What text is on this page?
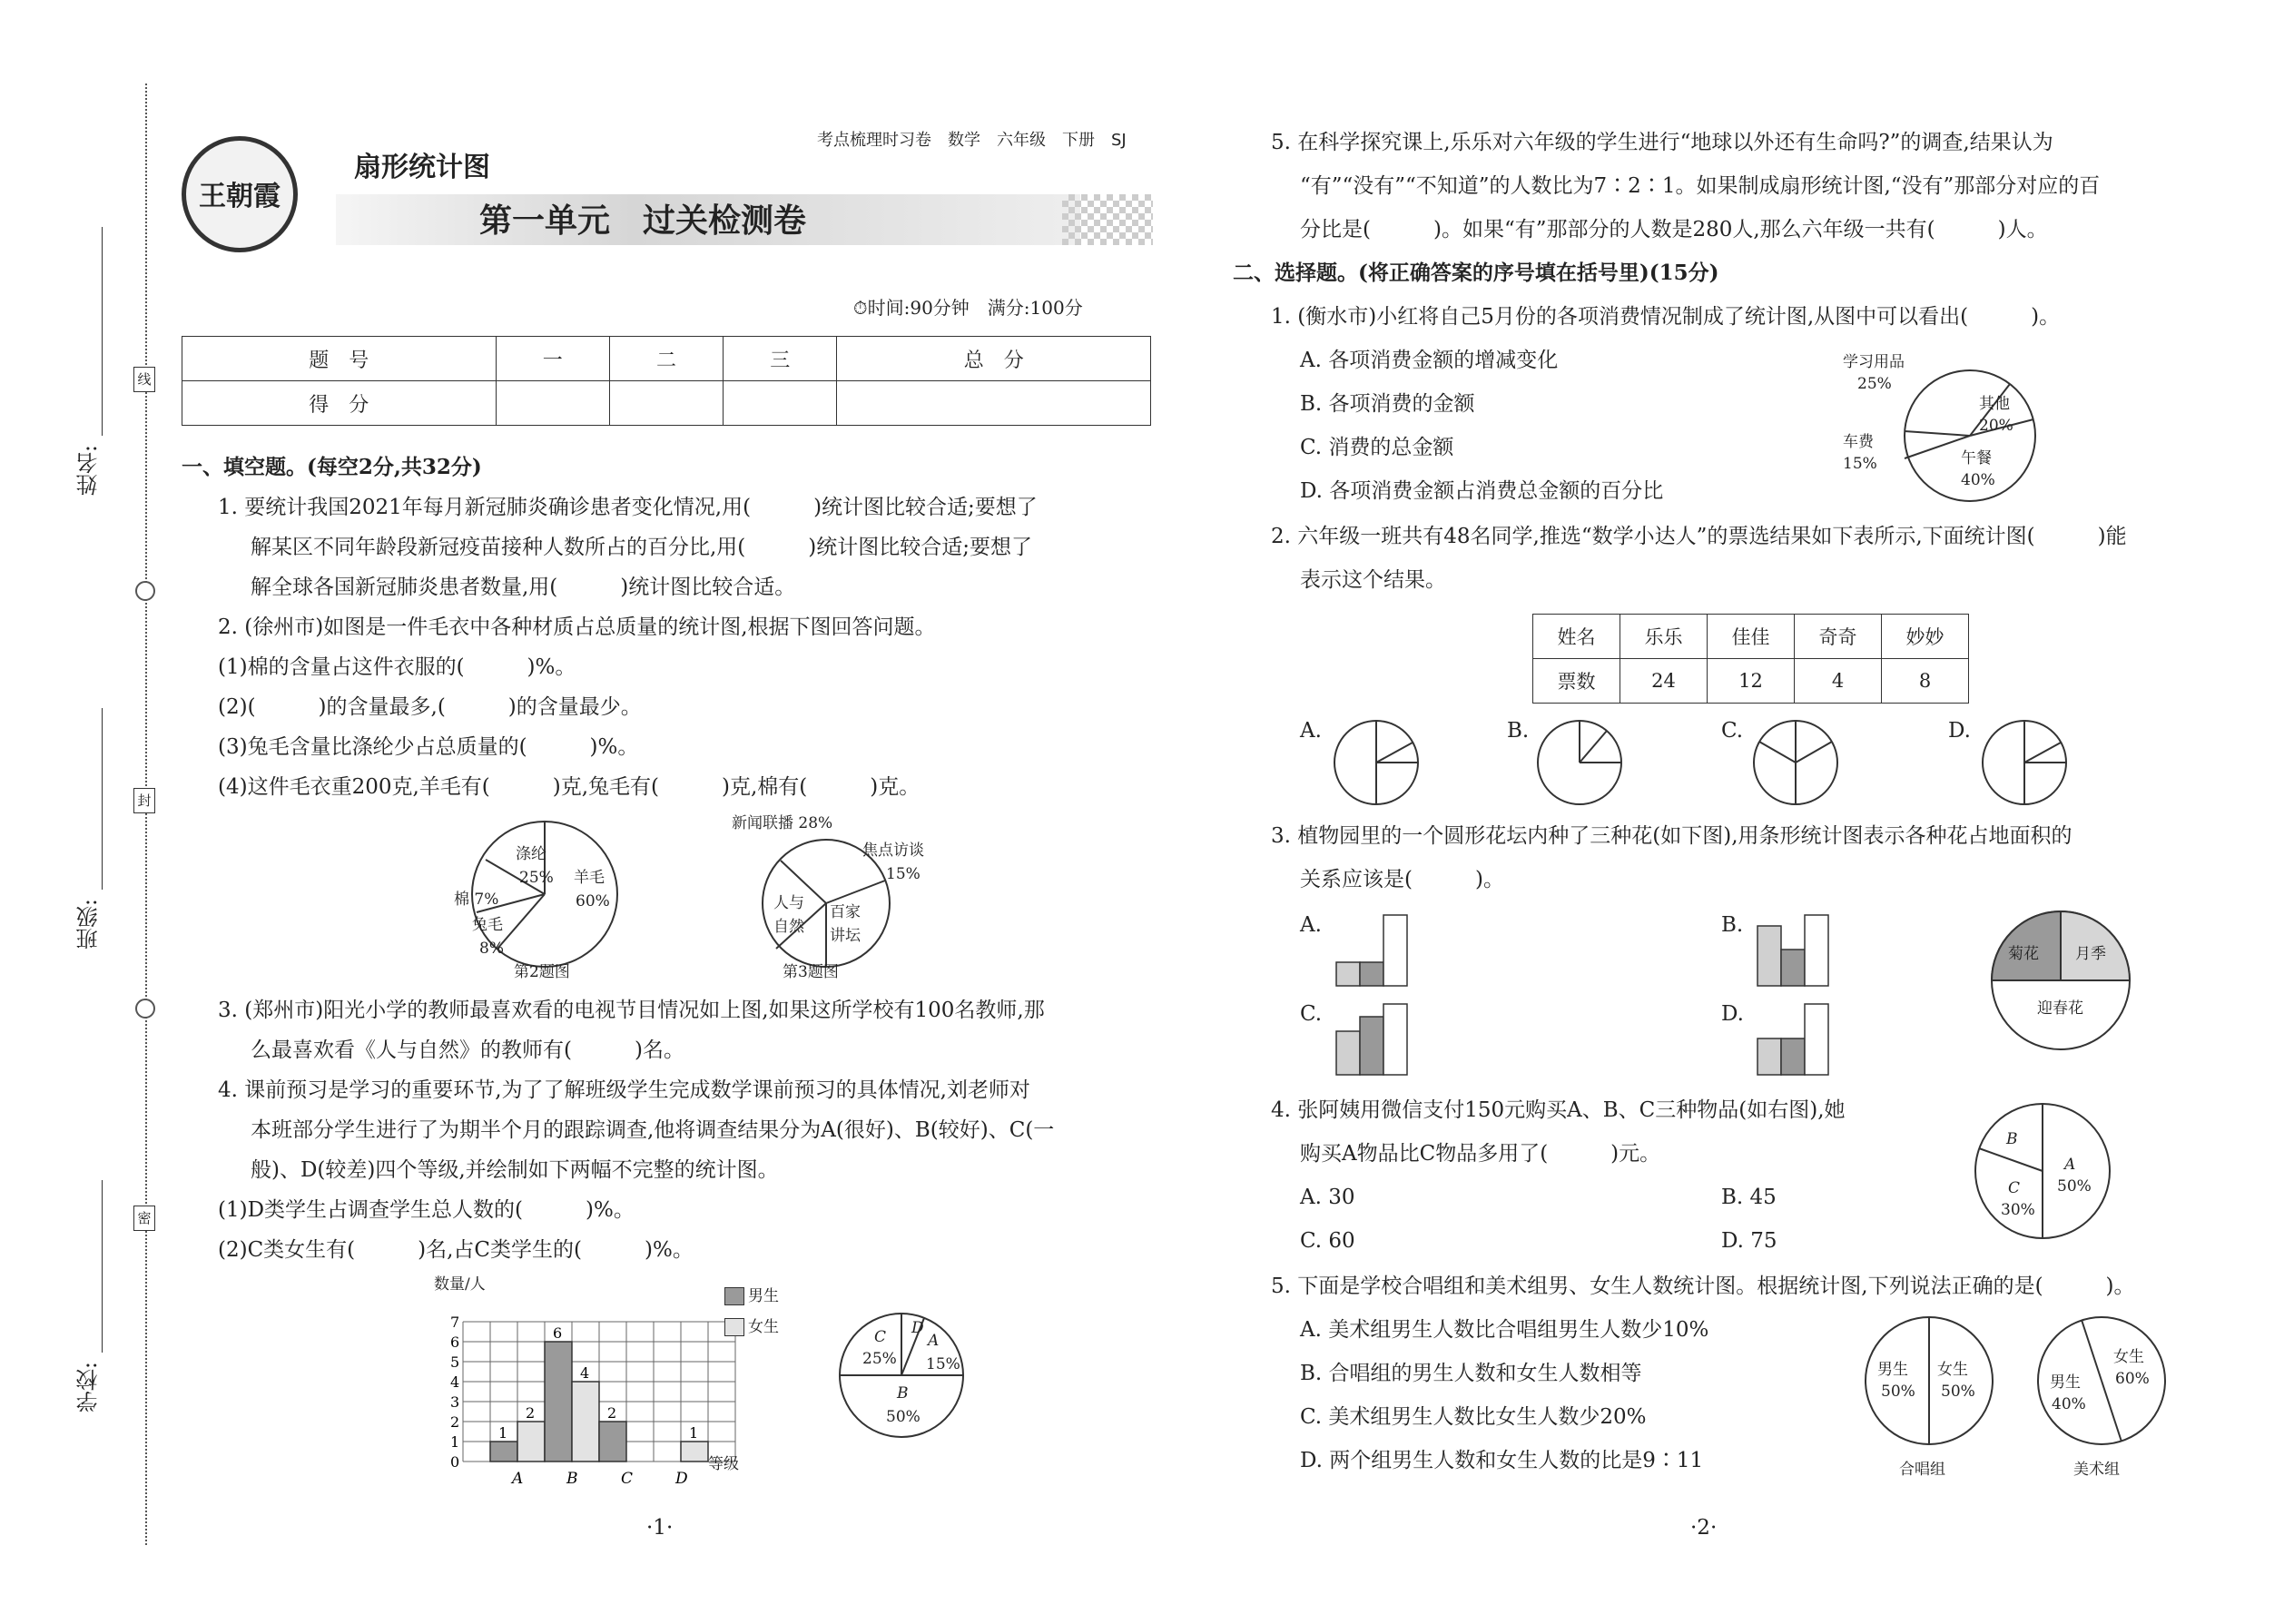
姓名:
班级:
学校:
线
封
密
王朝霞
考点梳理时习卷　数学　六年级　下册　SJ
扇形统计图
第一单元　过关检测卷
⏱时间:90分钟　满分:100分
题　号	一	二	三	总　分
得　分				
一、填空题。(每空2分,共32分)
1. 要统计我国2021年每月新冠肺炎确诊患者变化情况,用(　　　)统计图比较合适;要想了
解某区不同年龄段新冠疫苗接种人数所占的百分比,用(　　　)统计图比较合适;要想了
解全球各国新冠肺炎患者数量,用(　　　)统计图比较合适。
2. (徐州市)如图是一件毛衣中各种材质占总质量的统计图,根据下图回答问题。
(1)棉的含量占这件衣服的(　　　)%。
(2)(　　　)的含量最多,(　　　)的含量最少。
(3)兔毛含量比涤纶少占总质量的(　　　)%。
(4)这件毛衣重200克,羊毛有(　　　)克,兔毛有(　　　)克,棉有(　　　)克。
涤纶
25% 羊毛
60%
棉 7%
兔毛
8%
第2题图
新闻联播 28%
焦点访谈
15%
人与
自然
百家
讲坛
第3题图
3. (郑州市)阳光小学的教师最喜欢看的电视节目情况如上图,如果这所学校有100名教师,那
么最喜欢看《人与自然》的教师有(　　　)名。
4. 课前预习是学习的重要环节,为了了解班级学生完成数学课前预习的具体情况,刘老师对
本班部分学生进行了为期半个月的跟踪调查,他将调查结果分为A(很好)、B(较好)、C(一
般)、D(较差)四个等级,并绘制如下两幅不完整的统计图。
(1)D类学生占调查学生总人数的(　　　)%。
(2)C类女生有(　　　)名,占C类学生的(　　　)%。
数量/人
0
1
2
3
4
5
6
7
A
1
2
B
6
4
C
2
D
1
等级
男生
女生
C
25%
D
A
15%
B
50%
·1·
5. 在科学探究课上,乐乐对六年级的学生进行“地球以外还有生命吗?”的调查,结果认为
“有”“没有”“不知道”的人数比为7∶2∶1。如果制成扇形统计图,“没有”那部分对应的百
分比是(　　　)。如果“有”那部分的人数是280人,那么六年级一共有(　　　)人。
二、选择题。(将正确答案的序号填在括号里)(15分)
1. (衡水市)小红将自己5月份的各项消费情况制成了统计图,从图中可以看出(　　　)。
A. 各项消费金额的增减变化
B. 各项消费的金额
C. 消费的总金额
D. 各项消费金额占消费总金额的百分比
学习用品
25%
其他
20%
车费
15%	午餐
40%
2. 六年级一班共有48名同学,推选“数学小达人”的票选结果如下表所示,下面统计图(　　　)能
表示这个结果。
姓名	乐乐	佳佳	奇奇	妙妙
票数	24	12	4	8
A.	B.	C.	D.
3. 植物园里的一个圆形花坛内种了三种花(如下图),用条形统计图表示各种花占地面积的
关系应该是(　　　)。
A.	B.
C.	D.
菊花 月季
迎春花
4. 张阿姨用微信支付150元购买A、B、C三种物品(如右图),她
购买A物品比C物品多用了(　　　)元。
A. 30	B. 45
C. 60	D. 75
B
A
50%
C
30%
5. 下面是学校合唱组和美术组男、女生人数统计图。根据统计图,下列说法正确的是(　　　)。
A. 美术组男生人数比合唱组男生人数少10%
B. 合唱组的男生人数和女生人数相等
C. 美术组男生人数比女生人数少20%
D. 两个组男生人数和女生人数的比是9∶11
男生
50%
女生
50%
合唱组
男生
40%
女生
60%
美术组
·2·
